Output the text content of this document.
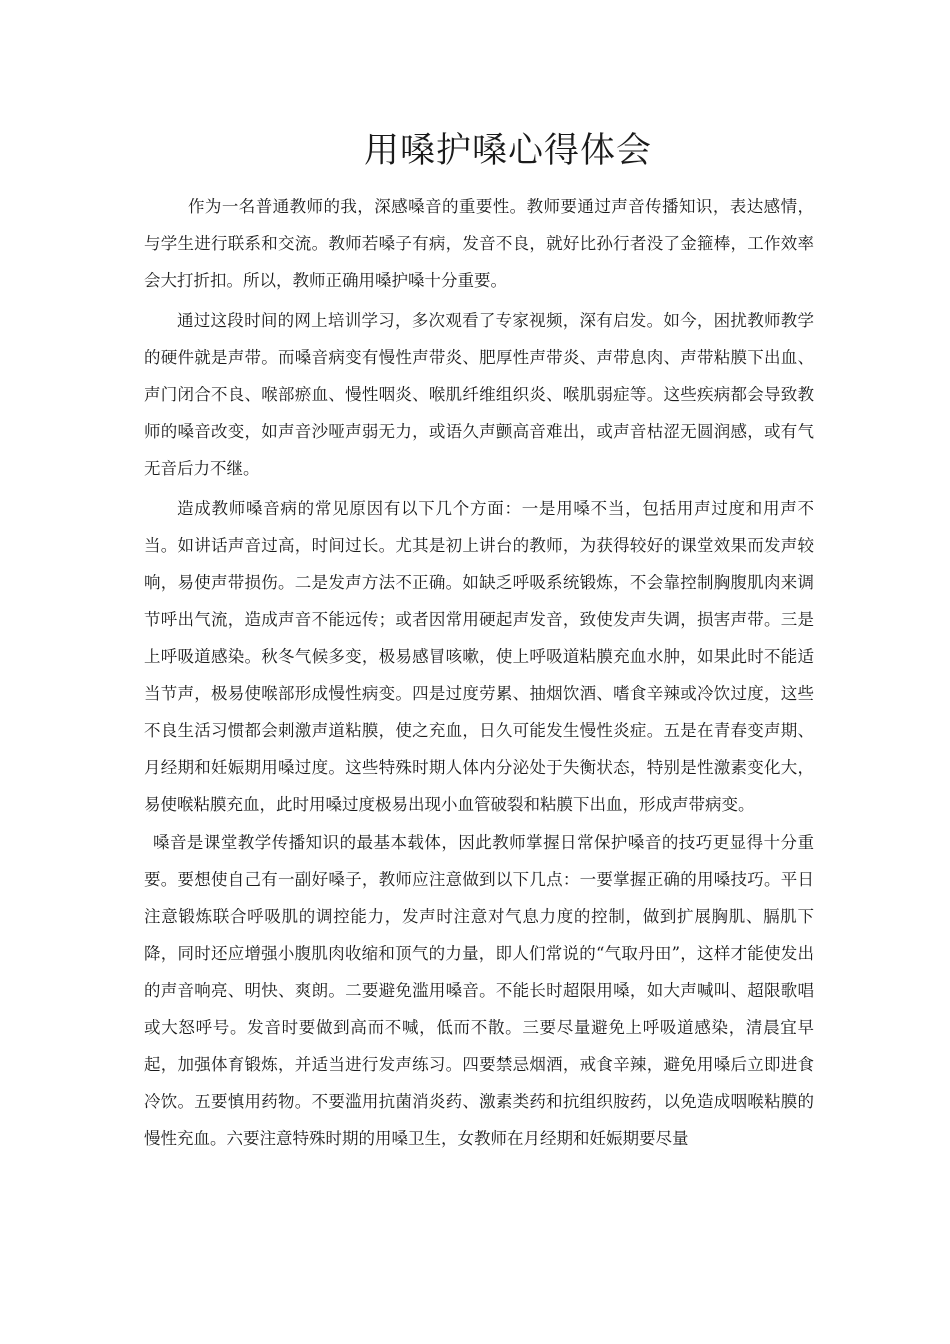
用嗓护嗓心得体会

作为一名普通教师的我，深感嗓音的重要性。教师要通过声音传播知识，表达感情，与学生进行联系和交流。教师若嗓子有病，发音不良，就好比孙行者没了金箍棒，工作效率会大打折扣。所以，教师正确用嗓护嗓十分重要。

通过这段时间的网上培训学习，多次观看了专家视频，深有启发。如今，困扰教师教学的硬件就是声带。而嗓音病变有慢性声带炎、肥厚性声带炎、声带息肉、声带粘膜下出血、声门闭合不良、喉部瘀血、慢性咽炎、喉肌纤维组织炎、喉肌弱症等。这些疾病都会导致教师的嗓音改变，如声音沙哑声弱无力，或语久声颤高音难出，或声音枯涩无圆润感，或有气无音后力不继。

造成教师嗓音病的常见原因有以下几个方面：一是用嗓不当，包括用声过度和用声不当。如讲话声音过高，时间过长。尤其是初上讲台的教师，为获得较好的课堂效果而发声较响，易使声带损伤。二是发声方法不正确。如缺乏呼吸系统锻炼，不会靠控制胸腹肌肉来调节呼出气流，造成声音不能远传；或者因常用硬起声发音，致使发声失调，损害声带。三是上呼吸道感染。秋冬气候多变，极易感冒咳嗽，使上呼吸道粘膜充血水肿，如果此时不能适当节声，极易使喉部形成慢性病变。四是过度劳累、抽烟饮酒、嗜食辛辣或冷饮过度，这些不良生活习惯都会刺激声道粘膜，使之充血，日久可能发生慢性炎症。五是在青春变声期、月经期和妊娠期用嗓过度。这些特殊时期人体内分泌处于失衡状态，特别是性激素变化大，易使喉粘膜充血，此时用嗓过度极易出现小血管破裂和粘膜下出血，形成声带病变。

嗓音是课堂教学传播知识的最基本载体，因此教师掌握日常保护嗓音的技巧更显得十分重要。要想使自己有一副好嗓子，教师应注意做到以下几点：一要掌握正确的用嗓技巧。平日注意锻炼联合呼吸肌的调控能力，发声时注意对气息力度的控制，做到扩展胸肌、膈肌下降，同时还应增强小腹肌肉收缩和顶气的力量，即人们常说的“气取丹田”，这样才能使发出的声音响亮、明快、爽朗。二要避免滥用嗓音。不能长时超限用嗓，如大声喊叫、超限歌唱或大怒呼号。发音时要做到高而不喊，低而不散。三要尽量避免上呼吸道感染，清晨宜早起，加强体育锻炼，并适当进行发声练习。四要禁忌烟酒，戒食辛辣，避免用嗓后立即进食冷饮。五要慎用药物。不要滥用抗菌消炎药、激素类药和抗组织胺药，以免造成咽喉粘膜的慢性充血。六要注意特殊时期的用嗓卫生，女教师在月经期和妊娠期要尽量
